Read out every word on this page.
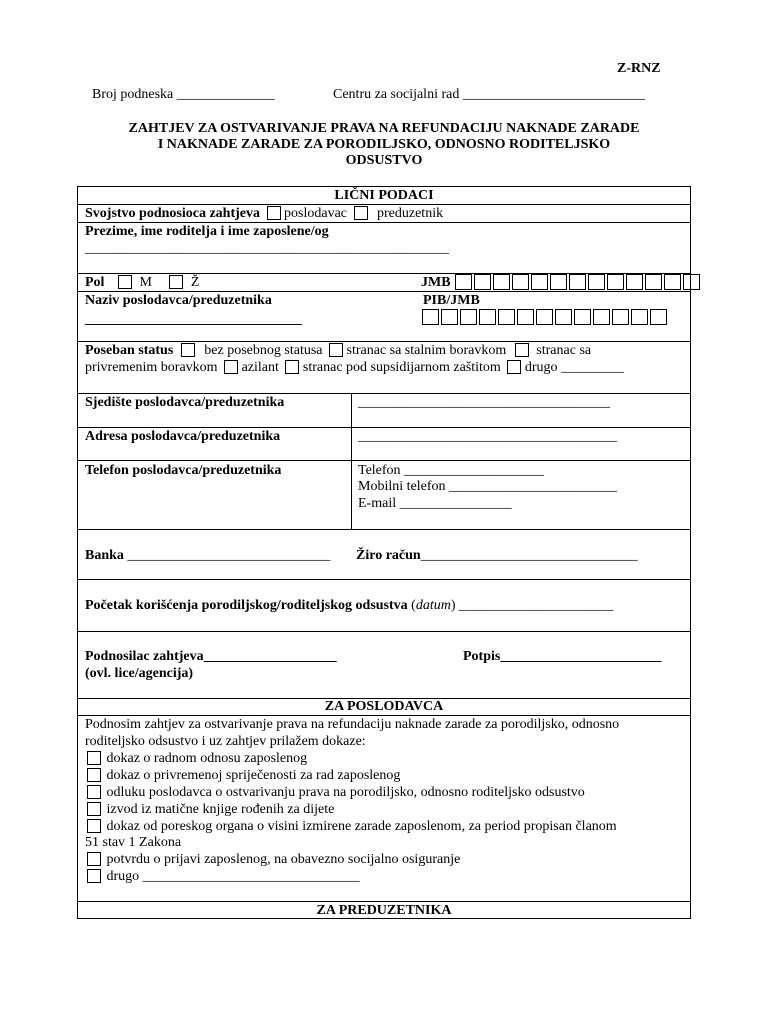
Z-RNZ
Broj podneska ______________	Centru za socijalni rad __________________________
ZAHTJEV ZA OSTVARIVANJE PRAVA NA REFUNDACIJU NAKNADE ZARADE
I NAKNADE ZARADE ZA PORODILJSKO, ODNOSNO RODITELJSKO
ODSUSTVO
LIČNI PODACI
Svojstvo podnosioca zahtjeva poslodavac preduzetnik
Prezime, ime roditelja i ime zaposlene/og
____________________________________________________
Pol	M	Ž	JMB
Naziv poslodavca/preduzetnika
_______________________________
PIB/JMB
Poseban status bez posebnog statusa stranac sa stalnim boravkom stranac sa
privremenim boravkom azilant stranac pod supsidijarnom zaštitom drugo _________
Sjedište poslodavca/preduzetnika	____________________________________
Adresa poslodavca/preduzetnika	_____________________________________
Telefon poslodavca/preduzetnika	Telefon ____________________
Mobilni telefon ________________________
E-mail ________________
Banka _____________________________ Žiro račun_______________________________
Početak korišćenja porodiljskog/roditeljskog odsustva (datum) ______________________
Podnosilac zahtjeva___________________
(ovl. lice/agencija)
Potpis_______________________
ZA POSLODAVCA
Podnosim zahtjev za ostvarivanje prava na refundaciju naknade zarade za porodiljsko, odnosno
roditeljsko odsustvo i uz zahtjev prilažem dokaze:
dokaz o radnom odnosu zaposlenog
dokaz o privremenoj spriječenosti za rad zaposlenog
odluku poslodavca o ostvarivanju prava na porodiljsko, odnosno roditeljsko odsustvo
izvod iz matične knjige rođenih za dijete
dokaz od poreskog organa o visini izmirene zarade zaposlenom, za period propisan članom
51 stav 1 Zakona
potvrdu o prijavi zaposlenog, na obavezno socijalno osiguranje
drugo _______________________________
ZA PREDUZETNIKA
